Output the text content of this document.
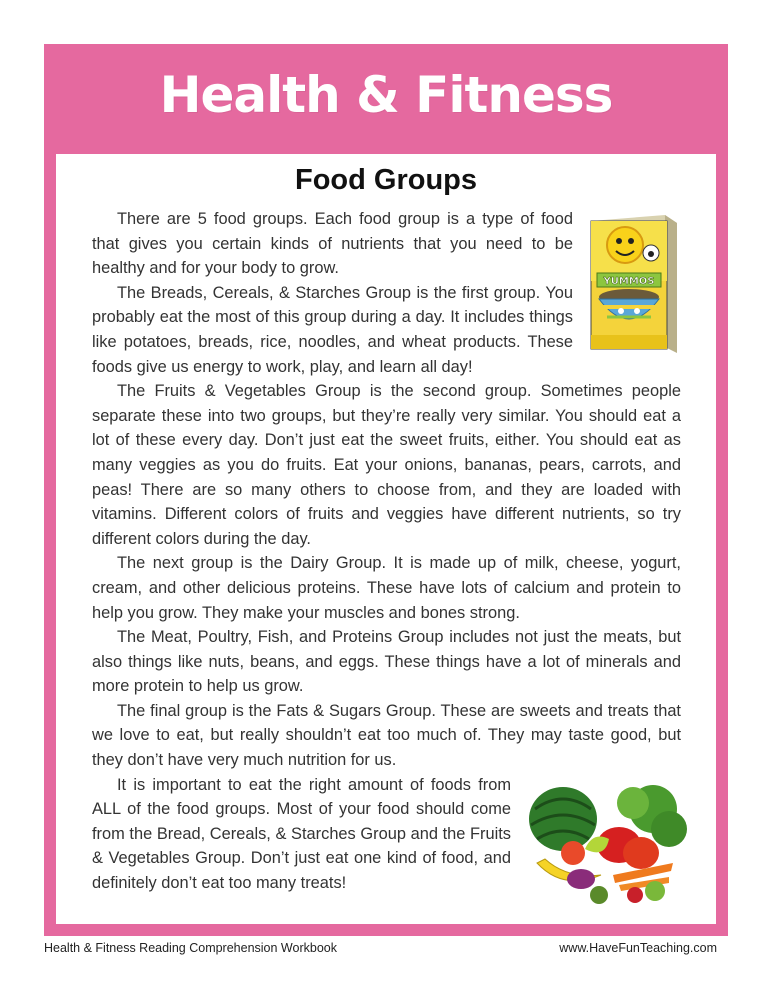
Health & Fitness
Food Groups
YUMMOS

There are 5 food groups. Each food group is a type of food that gives you certain kinds of nutrients that you need to be healthy and for your body to grow.

The Breads, Cereals, & Starches Group is the first group. You probably eat the most of this group during a day. It includes things like potatoes, breads, rice, noodles, and wheat products. These foods give us energy to work, play, and learn all day!

The Fruits & Vegetables Group is the second group. Sometimes people separate these into two groups, but they’re really very similar. You should eat a lot of these every day. Don’t just eat the sweet fruits, either. You should eat as many veggies as you do fruits. Eat your onions, bananas, pears, carrots, and peas! There are so many others to choose from, and they are loaded with vitamins. Different colors of fruits and veggies have different nutrients, so try different colors during the day.

The next group is the Dairy Group. It is made up of milk, cheese, yogurt, cream, and other delicious proteins. These have lots of calcium and protein to help you grow. They make your muscles and bones strong.

The Meat, Poultry, Fish, and Proteins Group includes not just the meats, but also things like nuts, beans, and eggs. These things have a lot of minerals and more protein to help us grow.

The final group is the Fats & Sugars Group. These are sweets and treats that we love to eat, but really shouldn’t eat too much of. They may taste good, but they don’t have very much nutrition for us.

It is important to eat the right amount of foods from ALL of the food groups. Most of your food should come from the Bread, Cereals, & Starches Group and the Fruits & Vegetables Group. Don’t just eat one kind of food, and definitely don’t eat too many treats!

Health & Fitness Reading Comprehension Workbook	www.HaveFunTeaching.com
